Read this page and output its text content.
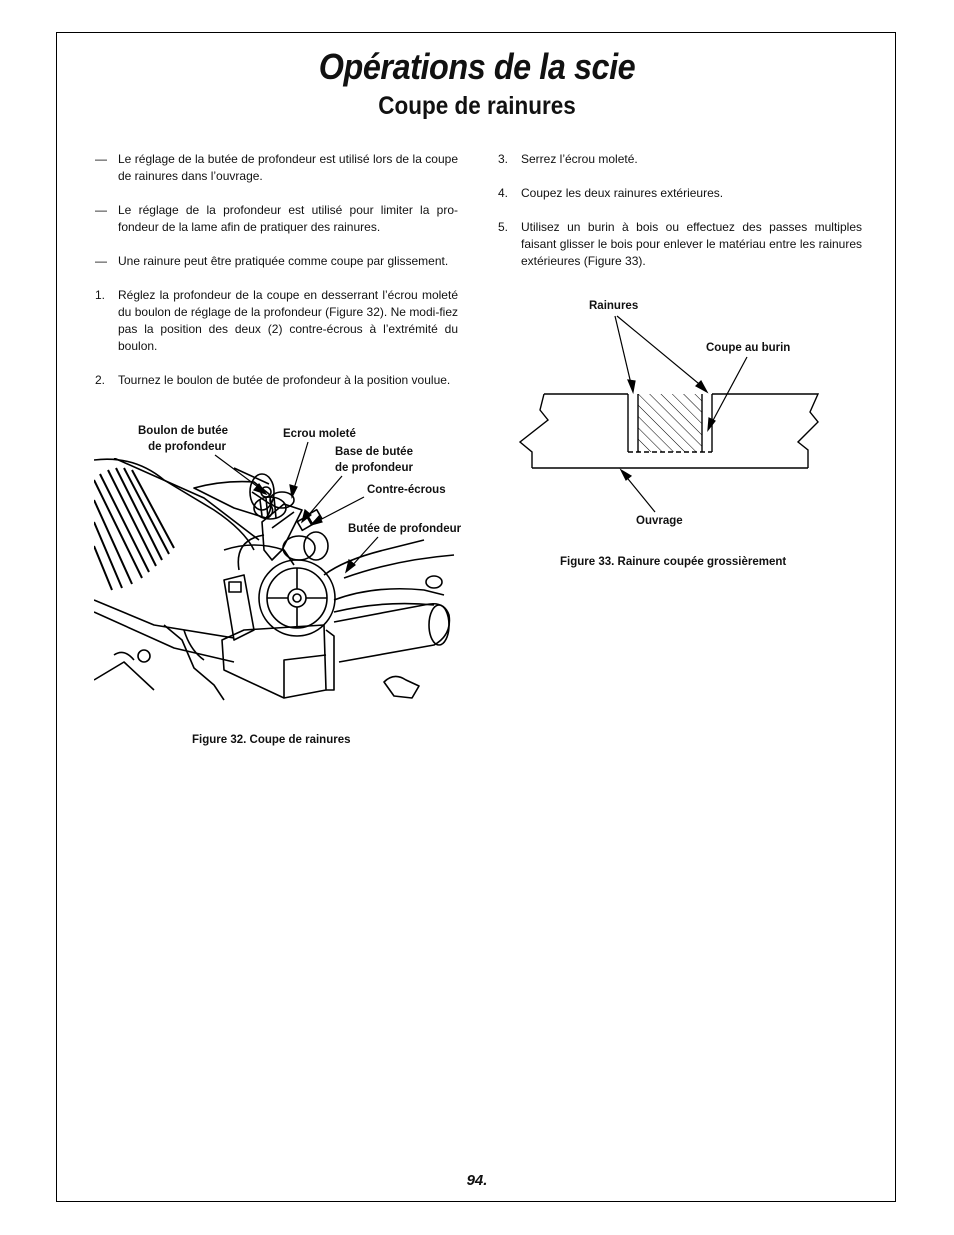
Opérations de la scie
Coupe de rainures
— Le réglage de la butée de profondeur est utilisé lors de la coupe de rainures dans l’ouvrage.
— Le réglage de la profondeur est utilisé pour limiter la pro-fondeur de la lame afin de pratiquer des rainures.
— Une rainure peut être pratiquée comme coupe par glissement.
1.	Réglez la profondeur de la coupe en desserrant l’écrou moleté du boulon de réglage de la profondeur (Figure 32). Ne modi-fiez pas la position des deux (2) contre-écrous à l’extrémité du boulon.
2.	Tournez le boulon de butée de profondeur à la position voulue.
3.	Serrez l’écrou moleté.
4.	Coupez les deux rainures extérieures.
5.	Utilisez un burin à bois ou effectuez des passes multiples faisant glisser le bois pour enlever le matériau entre les rainures extérieures (Figure 33).
Boulon de butée
de profondeur
Ecrou moleté
Base de butée
de profondeur
Contre-écrous
Butée de profondeur
Figure 32. Coupe de rainures
Rainures
Coupe au burin
Ouvrage
Figure 33. Rainure coupée grossièrement
94.
